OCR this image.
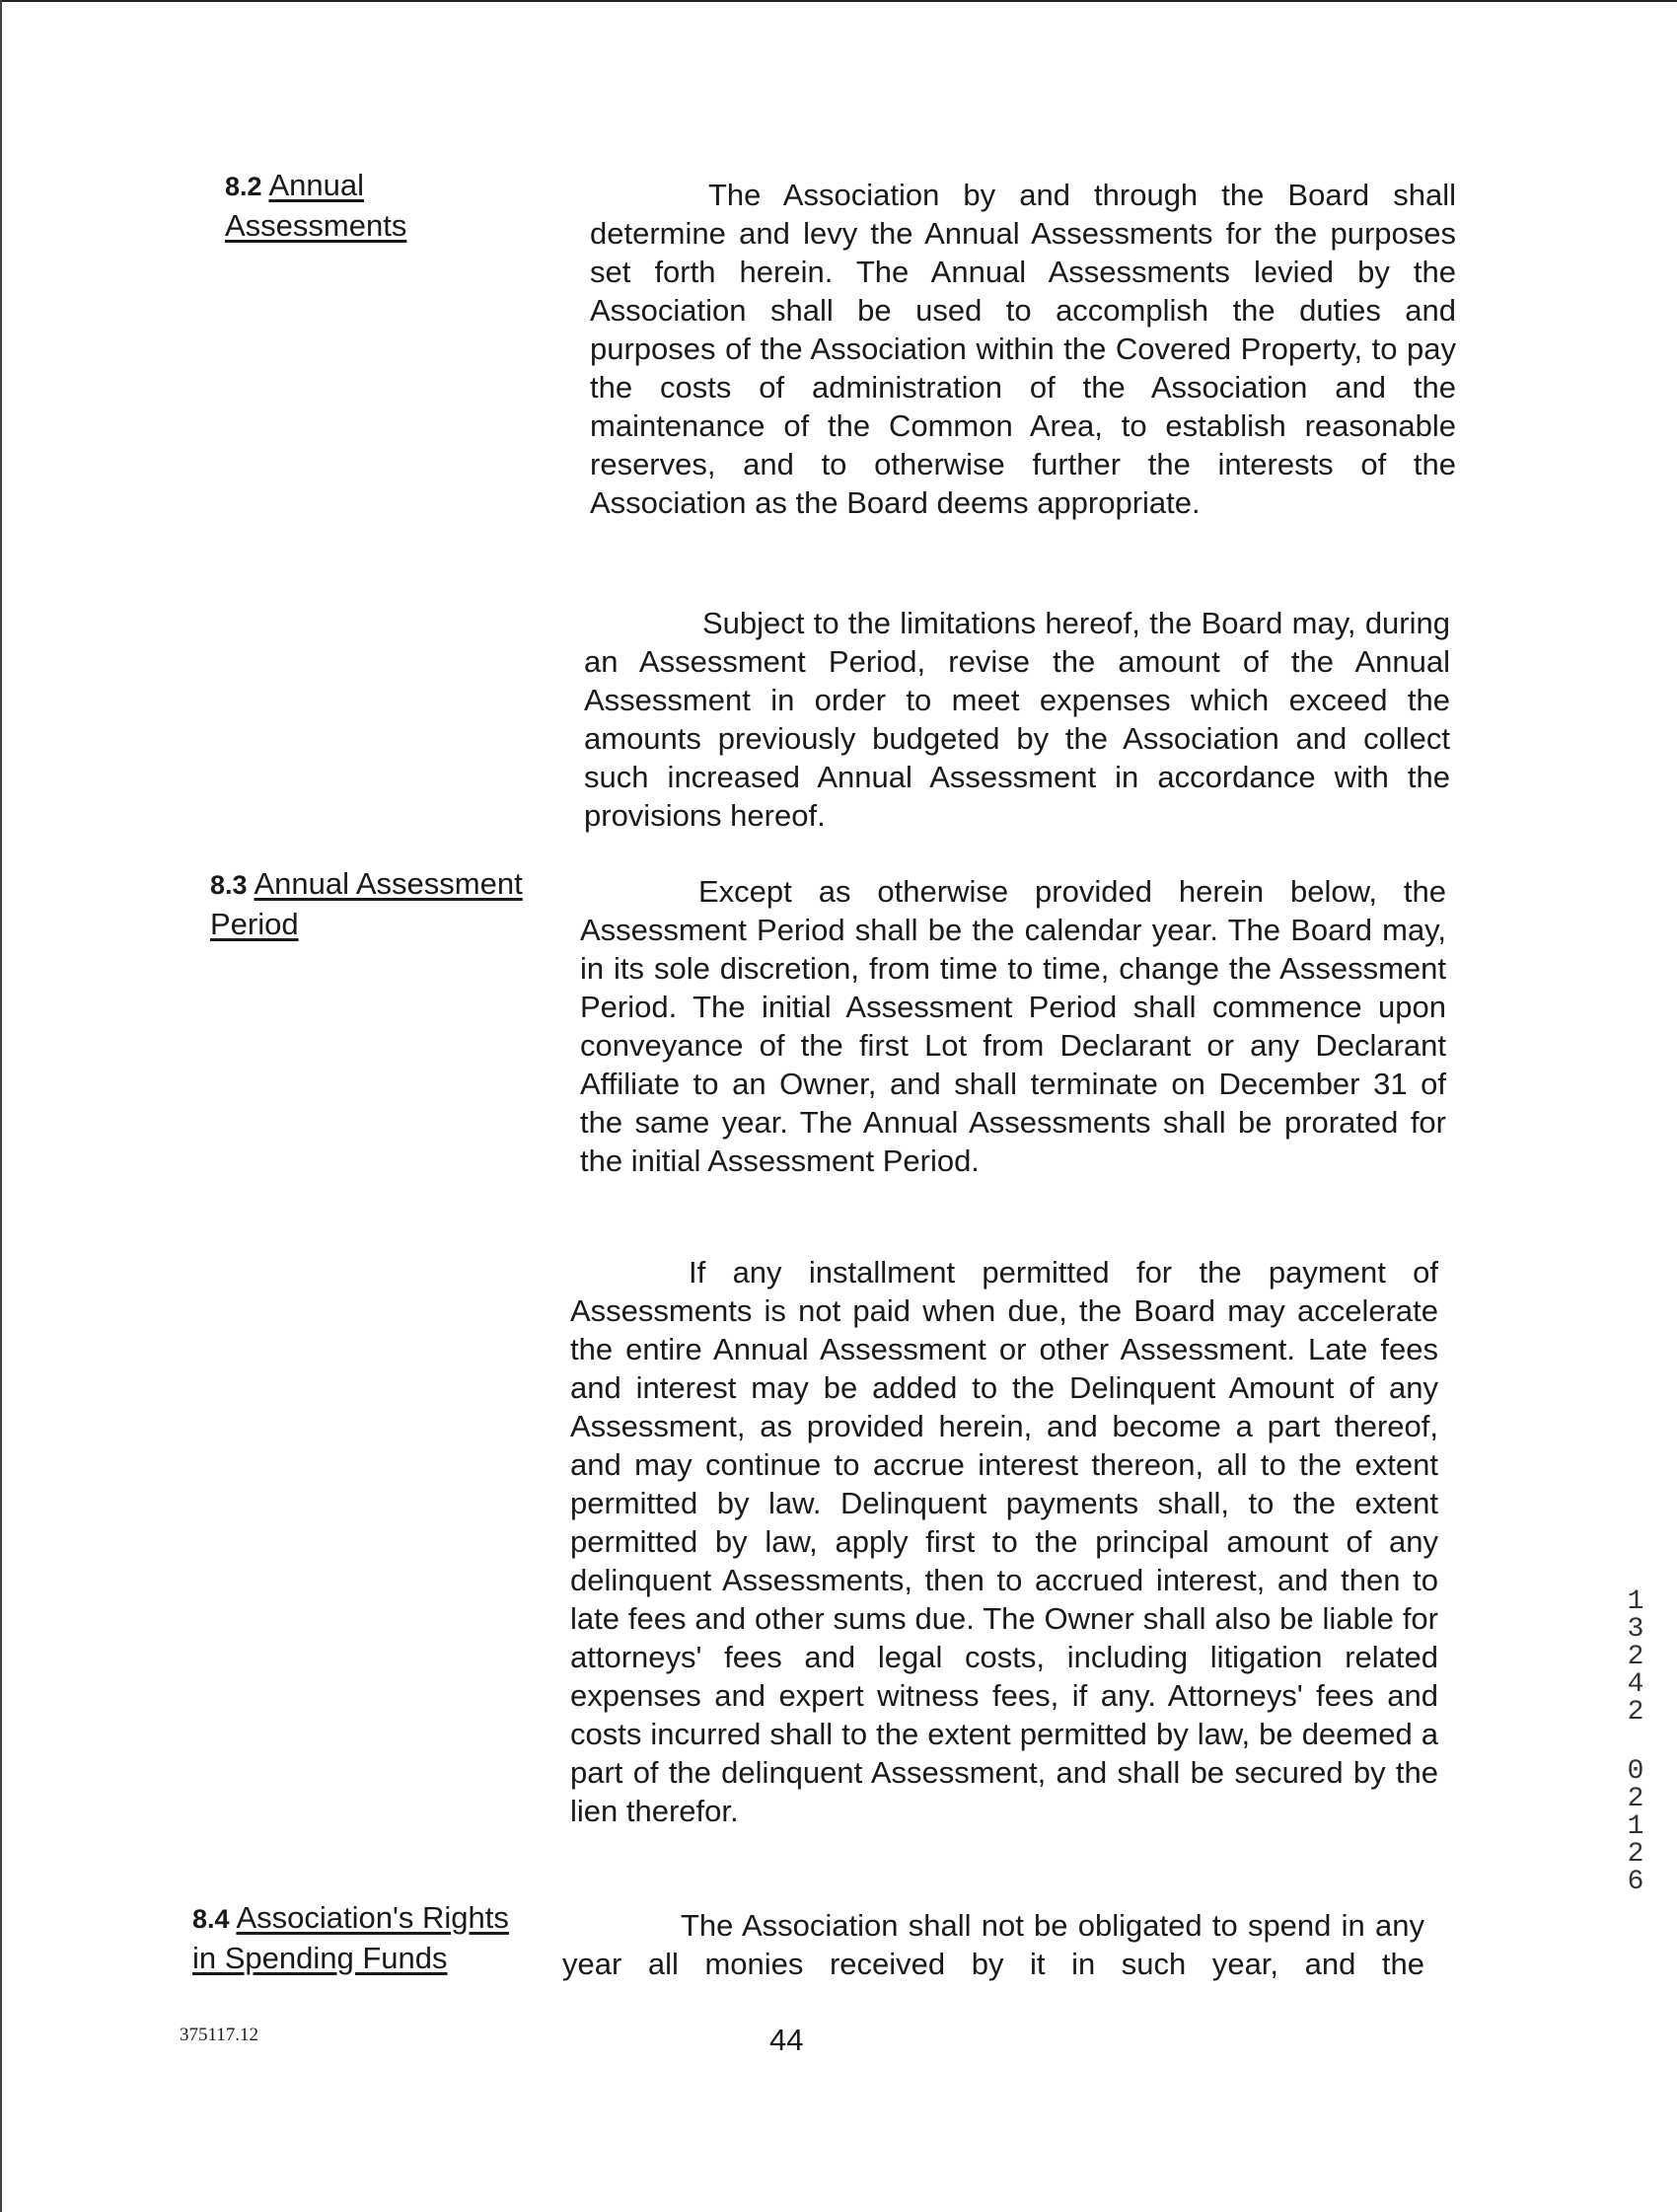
8.2 Annual
Assessments

The Association by and through the Board shall determine and levy the Annual Assessments for the purposes set forth herein. The Annual Assessments levied by the Association shall be used to accomplish the duties and purposes of the Association within the Covered Property, to pay the costs of administration of the Association and the maintenance of the Common Area, to establish reasonable reserves, and to otherwise further the interests of the Association as the Board deems appropriate.

Subject to the limitations hereof, the Board may, during an Assessment Period, revise the amount of the Annual Assessment in order to meet expenses which exceed the amounts previously budgeted by the Association and collect such increased Annual Assessment in accordance with the provisions hereof.

8.3 Annual Assessment
Period

Except as otherwise provided herein below, the Assessment Period shall be the calendar year. The Board may, in its sole discretion, from time to time, change the Assessment Period. The initial Assessment Period shall commence upon conveyance of the first Lot from Declarant or any Declarant Affiliate to an Owner, and shall terminate on December 31 of the same year. The Annual Assessments shall be prorated for the initial Assessment Period.

If any installment permitted for the payment of Assessments is not paid when due, the Board may accelerate the entire Annual Assessment or other Assessment. Late fees and interest may be added to the Delinquent Amount of any Assessment, as provided herein, and become a part thereof, and may continue to accrue interest thereon, all to the extent permitted by law. Delinquent payments shall, to the extent permitted by law, apply first to the principal amount of any delinquent Assessments, then to accrued interest, and then to late fees and other sums due. The Owner shall also be liable for attorneys' fees and legal costs, including litigation related expenses and expert witness fees, if any. Attorneys' fees and costs incurred shall to the extent permitted by law, be deemed a part of the delinquent Assessment, and shall be secured by the lien therefor.

8.4 Association's Rights
in Spending Funds

The Association shall not be obligated to spend in any year all monies received by it in such year, and the

375117.12	44
1
3
2
4
2
0
2
1
2
6
